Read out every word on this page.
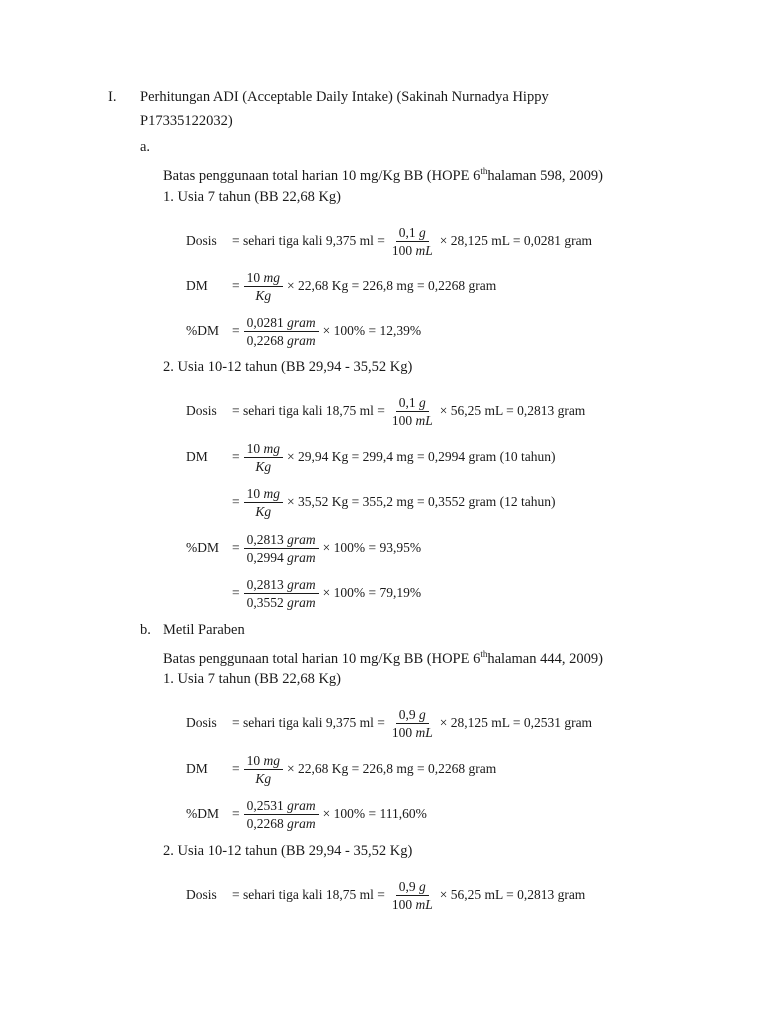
I. Perhitungan ADI (Acceptable Daily Intake) (Sakinah Nurnadya Hippy
P17335122032)
a.
Batas penggunaan total harian 10 mg/Kg BB (HOPE 6thhalaman 598, 2009)
1. Usia 7 tahun (BB 22,68 Kg)
Dosis	= sehari tiga kali 9,375 ml = $\frac{0,1 g}{100 mL} \times 28,125$ mL = 0,0281 gram
DM	= $\frac{10 mg}{Kg} \times 22,68$ Kg = 226,8 mg = 0,2268 gram
$\%DM = \frac{\text{0,0281 gram}}{\text{0,2268 gram}} \times 100\% = 12,39\%$
2. Usia 10-12 tahun (BB 29,94 - 35,52 Kg)
Dosis	= sehari tiga kali 18,75 ml = $\frac{0,1 g}{100 mL} \times 56,25$ mL = 0,2813 gram
DM	= $\frac{10 mg}{Kg} \times 29,94$ Kg = 299,4 mg = 0,2994 gram (10 tahun)
= $\frac{10 mg}{Kg} \times 35,52$ Kg = 355,2 mg = 0,3552 gram (12 tahun)
$\%DM = \frac{\text{0,2813 gram}}{\text{0,2994 gram}} \times 100\% = 93,95\%$
= $\frac{\text{0,2813 gram}}{\text{0,3552 gram}} \times 100\% = 79,19\%$
b. Metil Paraben
Batas penggunaan total harian 10 mg/Kg BB (HOPE 6thhalaman 444, 2009)
1. Usia 7 tahun (BB 22,68 Kg)
Dosis	= sehari tiga kali 9,375 ml = $\frac{0,9 g}{100 mL} \times 28,125$ mL = 0,2531 gram
DM	= $\frac{10 mg}{Kg} \times 22,68$ Kg = 226,8 mg = 0,2268 gram
$\%DM = \frac{\text{0,2531 gram}}{\text{0,2268 gram}} \times 100\% = 111,60\%$
2. Usia 10-12 tahun (BB 29,94 - 35,52 Kg)
Dosis	= sehari tiga kali 18,75 ml = $\frac{0,9 g}{100 mL} \times 56,25$ mL = 0,2813 gram
